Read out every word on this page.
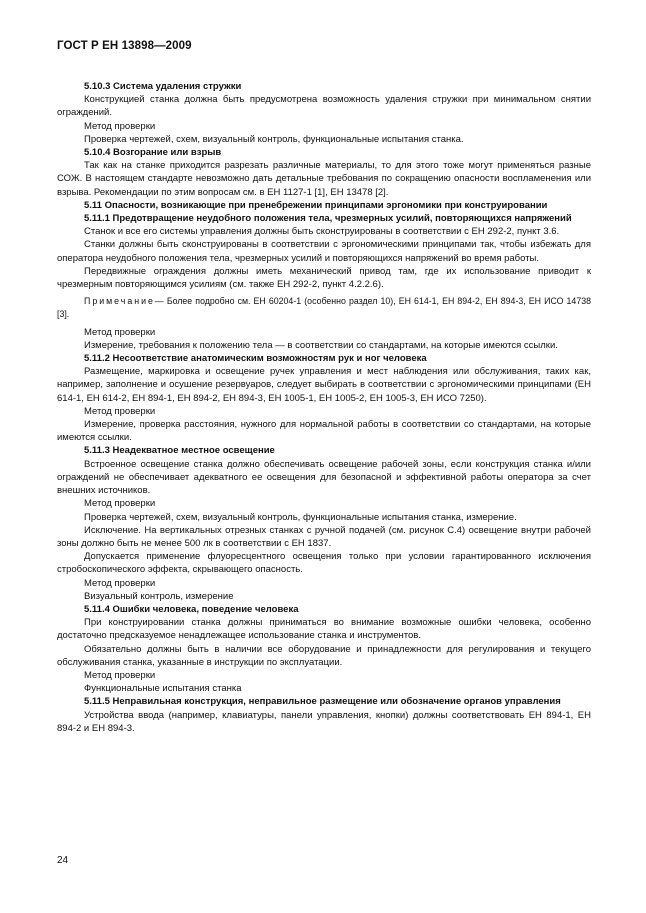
ГОСТ Р ЕН 13898—2009

5.10.3 Система удаления стружки

Конструкцией станка должна быть предусмотрена возможность удаления стружки при минимальном снятии ограждений.

Метод проверки

Проверка чертежей, схем, визуальный контроль, функциональные испытания станка.

5.10.4 Возгорание или взрыв

Так как на станке приходится разрезать различные материалы, то для этого тоже могут применяться разные СОЖ. В настоящем стандарте невозможно дать детальные требования по сокращению опасности воспламенения или взрыва. Рекомендации по этим вопросам см. в ЕН 1127-1 [1], ЕН 13478 [2].

5.11 Опасности, возникающие при пренебрежении принципами эргономики при конструировании

5.11.1 Предотвращение неудобного положения тела, чрезмерных усилий, повторяющихся напряжений

Станок и все его системы управления должны быть сконструированы в соответствии с ЕН 292-2, пункт 3.6.

Станки должны быть сконструированы в соответствии с эргономическими принципами так, чтобы избежать для оператора неудобного положения тела, чрезмерных усилий и повторяющихся напряжений во время работы.

Передвижные ограждения должны иметь механический привод там, где их использование приводит к чрезмерным повторяющимся усилиям (см. также ЕН 292-2, пункт 4.2.2.6).

Примечание— Более подробно см. ЕН 60204-1 (особенно раздел 10), ЕН 614-1, ЕН 894-2, ЕН 894-3, ЕН ИСО 14738 [3].

Метод проверки

Измерение, требования к положению тела — в соответствии со стандартами, на которые имеются ссылки.

5.11.2 Несоответствие анатомическим возможностям рук и ног человека

Размещение, маркировка и освещение ручек управления и мест наблюдения или обслуживания, таких как, например, заполнение и осушение резервуаров, следует выбирать в соответствии с эргономическими принципами (ЕН 614-1, ЕН 614-2, ЕН 894-1, ЕН 894-2, ЕН 894-3, ЕН 1005-1, ЕН 1005-2, ЕН 1005-3, ЕН ИСО 7250).

Метод проверки

Измерение, проверка расстояния, нужного для нормальной работы в соответствии со стандартами, на которые имеются ссылки.

5.11.3 Неадекватное местное освещение

Встроенное освещение станка должно обеспечивать освещение рабочей зоны, если конструкция станка и/или ограждений не обеспечивает адекватного ее освещения для безопасной и эффективной работы оператора за счет внешних источников.

Метод проверки

Проверка чертежей, схем, визуальный контроль, функциональные испытания станка, измерение.

Исключение. На вертикальных отрезных станках с ручной подачей (см. рисунок С.4) освещение внутри рабочей зоны должно быть не менее 500 лк в соответствии с ЕН 1837.

Допускается применение флуоресцентного освещения только при условии гарантированного исключения стробоскопического эффекта, скрывающего опасность.

Метод проверки

Визуальный контроль, измерение

5.11.4 Ошибки человека, поведение человека

При конструировании станка должны приниматься во внимание возможные ошибки человека, особенно достаточно предсказуемое ненадлежащее использование станка и инструментов.

Обязательно должны быть в наличии все оборудование и принадлежности для регулирования и текущего обслуживания станка, указанные в инструкции по эксплуатации.

Метод проверки

Функциональные испытания станка

5.11.5 Неправильная конструкция, неправильное размещение или обозначение органов управления

Устройства ввода (например, клавиатуры, панели управления, кнопки) должны соответствовать ЕН 894-1, ЕН 894-2 и ЕН 894-3.

24
